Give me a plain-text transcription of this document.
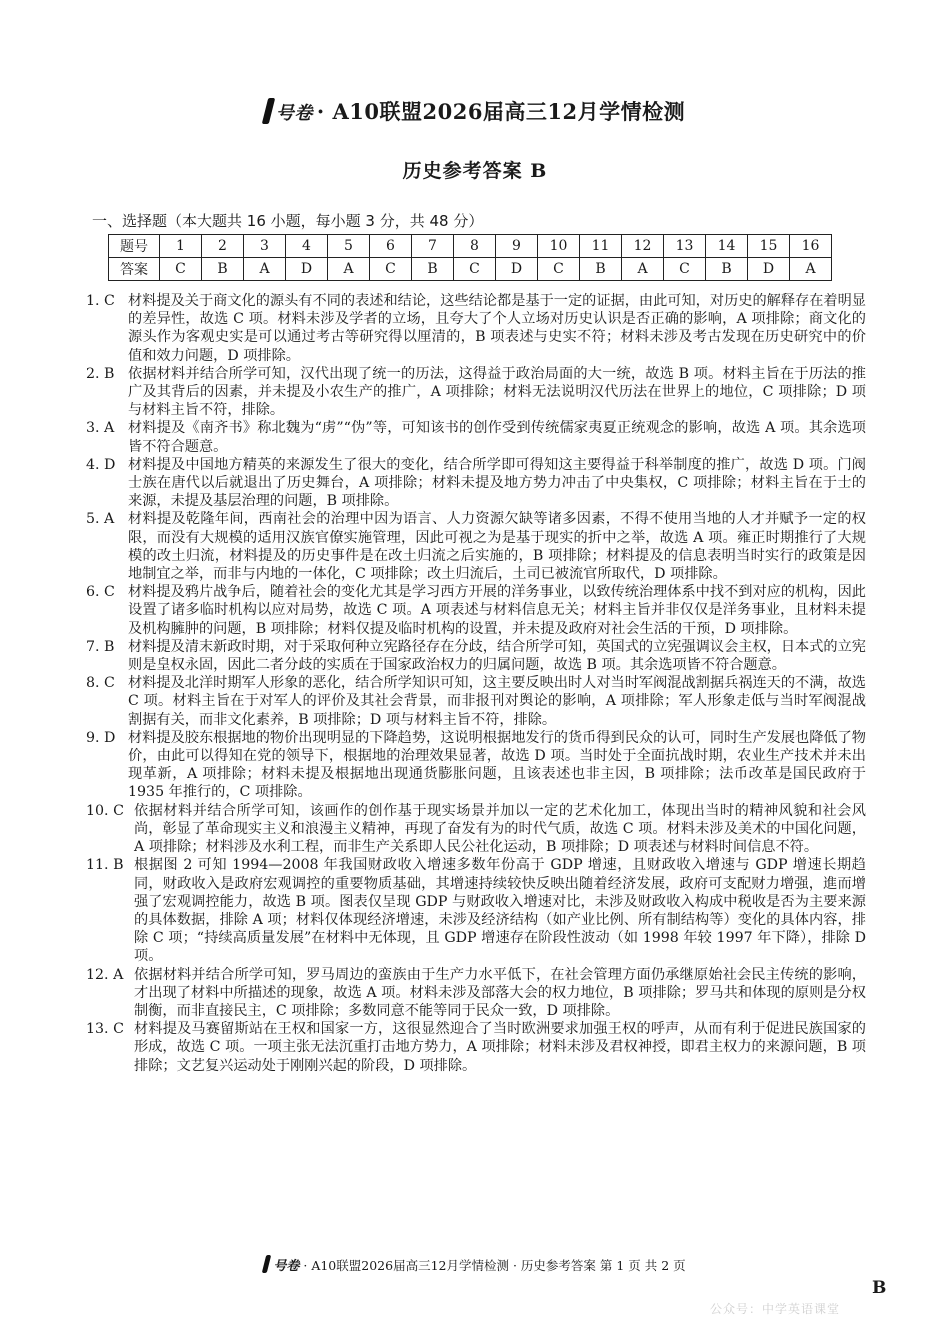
号卷 · A10联盟2026届高三12月学情检测
历史参考答案 B
一、选择题（本大题共 16 小题，每小题 3 分，共 48 分）
题号	1	2	3	4	5	6	7	8	9	10	11	12	13	14	15	16
答案	C	B	A	D	A	C	B	C	D	C	B	A	C	B	D	A
1. C 材料提及关于商文化的源头有不同的表述和结论，这些结论都是基于一定的证据，由此可知，对历史的解释存在着明显的差异性，故选 C 项。材料未涉及学者的立场，且夸大了个人立场对历史认识是否正确的影响，A 项排除；商文化的源头作为客观史实是可以通过考古等研究得以厘清的，B 项表述与史实不符；材料未涉及考古发现在历史研究中的价值和效力问题，D 项排除。
2. B 依据材料并结合所学可知，汉代出现了统一的历法，这得益于政治局面的大一统，故选 B 项。材料主旨在于历法的推广及其背后的因素，并未提及小农生产的推广，A 项排除；材料无法说明汉代历法在世界上的地位，C 项排除；D 项与材料主旨不符，排除。
3. A 材料提及《南齐书》称北魏为“虏”“伪”等，可知该书的创作受到传统儒家夷夏正统观念的影响，故选 A 项。其余选项皆不符合题意。
4. D 材料提及中国地方精英的来源发生了很大的变化，结合所学即可得知这主要得益于科举制度的推广，故选 D 项。门阀士族在唐代以后就退出了历史舞台，A 项排除；材料未提及地方势力冲击了中央集权，C 项排除；材料主旨在于士的来源，未提及基层治理的问题，B 项排除。
5. A 材料提及乾隆年间，西南社会的治理中因为语言、人力资源欠缺等诸多因素，不得不使用当地的人才并赋予一定的权限，而没有大规模的适用汉族官僚实施管理，因此可视之为是基于现实的折中之举，故选 A 项。雍正时期推行了大规模的改土归流，材料提及的历史事件是在改土归流之后实施的，B 项排除；材料提及的信息表明当时实行的政策是因地制宜之举，而非与内地的一体化，C 项排除；改土归流后，土司已被流官所取代，D 项排除。
6. C 材料提及鸦片战争后，随着社会的变化尤其是学习西方开展的洋务事业，以致传统治理体系中找不到对应的机构，因此设置了诸多临时机构以应对局势，故选 C 项。A 项表述与材料信息无关；材料主旨并非仅仅是洋务事业，且材料未提及机构臃肿的问题，B 项排除；材料仅提及临时机构的设置，并未提及政府对社会生活的干预，D 项排除。
7. B 材料提及清末新政时期，对于采取何种立宪路径存在分歧，结合所学可知，英国式的立宪强调议会主权，日本式的立宪则是皇权永固，因此二者分歧的实质在于国家政治权力的归属问题，故选 B 项。其余选项皆不符合题意。
8. C 材料提及北洋时期军人形象的恶化，结合所学知识可知，这主要反映出时人对当时军阀混战割据兵祸连天的不满，故选 C 项。材料主旨在于对军人的评价及其社会背景，而非报刊对舆论的影响，A 项排除；军人形象走低与当时军阀混战割据有关，而非文化素养，B 项排除；D 项与材料主旨不符，排除。
9. D 材料提及胶东根据地的物价出现明显的下降趋势，这说明根据地发行的货币得到民众的认可，同时生产发展也降低了物价，由此可以得知在党的领导下，根据地的治理效果显著，故选 D 项。当时处于全面抗战时期，农业生产技术并未出现革新，A 项排除；材料未提及根据地出现通货膨胀问题，且该表述也非主因，B 项排除；法币改革是国民政府于 1935 年推行的，C 项排除。
10. C 依据材料并结合所学可知，该画作的创作基于现实场景并加以一定的艺术化加工，体现出当时的精神风貌和社会风尚，彰显了革命现实主义和浪漫主义精神，再现了奋发有为的时代气质，故选 C 项。材料未涉及美术的中国化问题，A 项排除；材料涉及水利工程，而非生产关系即人民公社化运动，B 项排除；D 项表述与材料时间信息不符。
11. B 根据图 2 可知 1994—2008 年我国财政收入增速多数年份高于 GDP 增速，且财政收入增速与 GDP 增速长期趋同，财政收入是政府宏观调控的重要物质基础，其增速持续较快反映出随着经济发展，政府可支配财力增强，進而增强了宏观调控能力，故选 B 项。图表仅呈现 GDP 与财政收入增速对比，未涉及财政收入构成中税收是否为主要来源的具体数据，排除 A 项；材料仅体现经济增速，未涉及经济结构（如产业比例、所有制结构等）变化的具体内容，排除 C 项；“持续高质量发展”在材料中无体现，且 GDP 增速存在阶段性波动（如 1998 年较 1997 年下降），排除 D 项。
12. A 依据材料并结合所学可知，罗马周边的蛮族由于生产力水平低下，在社会管理方面仍承继原始社会民主传统的影响，才出现了材料中所描述的现象，故选 A 项。材料未涉及部落大会的权力地位，B 项排除；罗马共和体现的原则是分权制衡，而非直接民主，C 项排除；多数同意不能等同于民众一致，D 项排除。
13. C 材料提及马赛留斯站在王权和国家一方，这很显然迎合了当时欧洲要求加强王权的呼声，从而有利于促进民族国家的形成，故选 C 项。一项主张无法沉重打击地方势力，A 项排除；材料未涉及君权神授，即君主权力的来源问题，B 项排除；文艺复兴运动处于刚刚兴起的阶段，D 项排除。
号卷 · A10联盟2026届高三12月学情检测 · 历史参考答案 第 1 页 共 2 页
B
公众号：中学英语课堂
